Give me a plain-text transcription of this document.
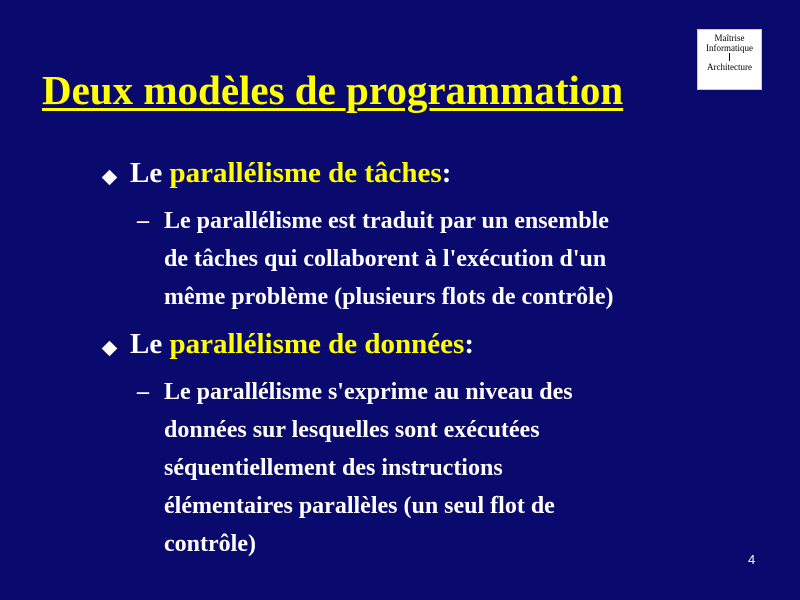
Deux modèles de programmation
Maîtrise
Informatique
Architecture
Le parallélisme de tâches:
– Le parallélisme est traduit par un ensemble
de tâches qui collaborent à l'exécution d'un
même problème (plusieurs flots de contrôle)
Le parallélisme de données:
– Le parallélisme s'exprime au niveau des
données sur lesquelles sont exécutées
séquentiellement des instructions
élémentaires parallèles (un seul flot de
contrôle)
4
